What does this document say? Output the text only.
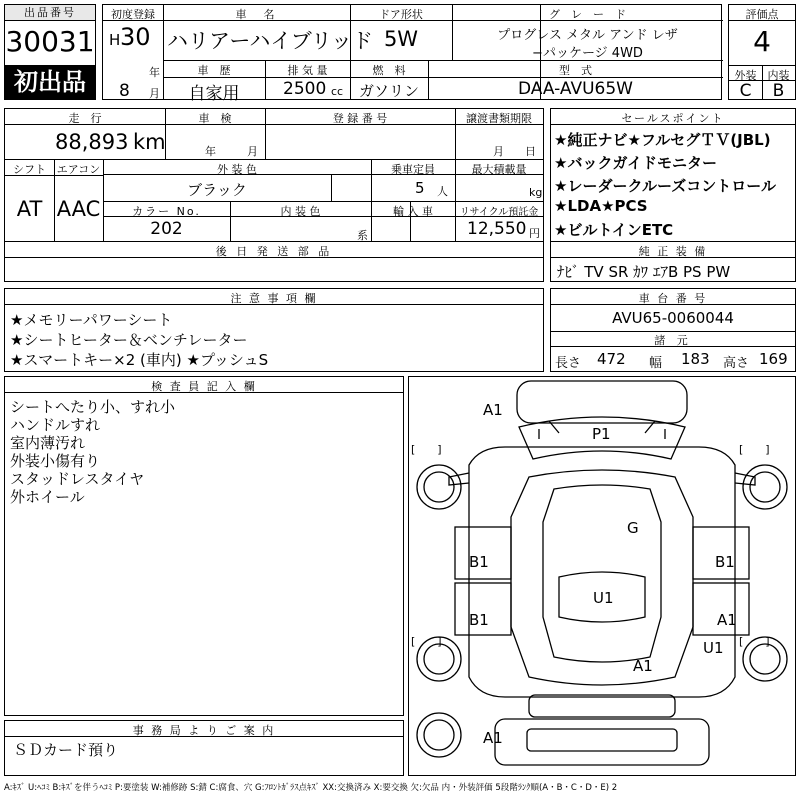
出品番号
30031
初出品
初度登録
H 30
年
8 月
車　名
ハリアーハイブリッド
ドア形状
5W
グ　レ　ー　ド
プログレス メタル アンド レザ
−パッケージ 4WD
車　歴
自家用
排 気 量
2500 cc
燃　料
ガソリン
型　式
DAA-AVU65W
評価点
4
外装	内装
C	B
走　行
88,893 km
車　検
年	月
登 録 番 号	譲渡書類期限
月 日
シフト
AT
エアコン
AAC
外 装 色
ブラック
乗車定員
5 人
最大積載量
kg
カラー No.
202
内 装 色
系
輸 入 車	リサイクル預託金
12,550 円
後 日 発 送 部 品
セールスポイント
★純正ナビ★フルセグＴＶ(JBL)
★バックガイドモニター
★レーダークルーズコントロール
★LDA★PCS
★ビルトインETC
純 正 装 備
ﾅﾋﾞ TV SR ｶﾜ ｴｱB PS PW
注 意 事 項 欄
★メモリーパワーシート
★シートヒーター＆ベンチレーター
★スマートキー×2 (車内) ★プッシュS
車 台 番 号
AVU65-0060044
諸 元
長さ 472 幅 183 高さ 169
検 査 員 記 入 欄
シートへたり小、すれ小
ハンドルすれ
室内薄汚れ
外装小傷有り
スタッドレスタイヤ
外ホイール
事 務 局 よ り ご 案 内
ＳＤカード預り
A1
P1
G
B1	B1
B1
U1
A1
U1
A1
A1
[　　]	[　　]
[　　]	[　　]
A:ｷｽﾞ U:ﾍｺﾐ B:ｷｽﾞを伴うﾍｺﾐ P:要塗装 W:補修跡 S:錆 C:腐食、穴 G:ﾌﾛﾝﾄｶﾞﾗｽ点ｷｽﾞ XX:交換済み X:要交換 欠:欠品 内・外装評価 5段階ﾗﾝｸ順(A・B・C・D・E) 2
